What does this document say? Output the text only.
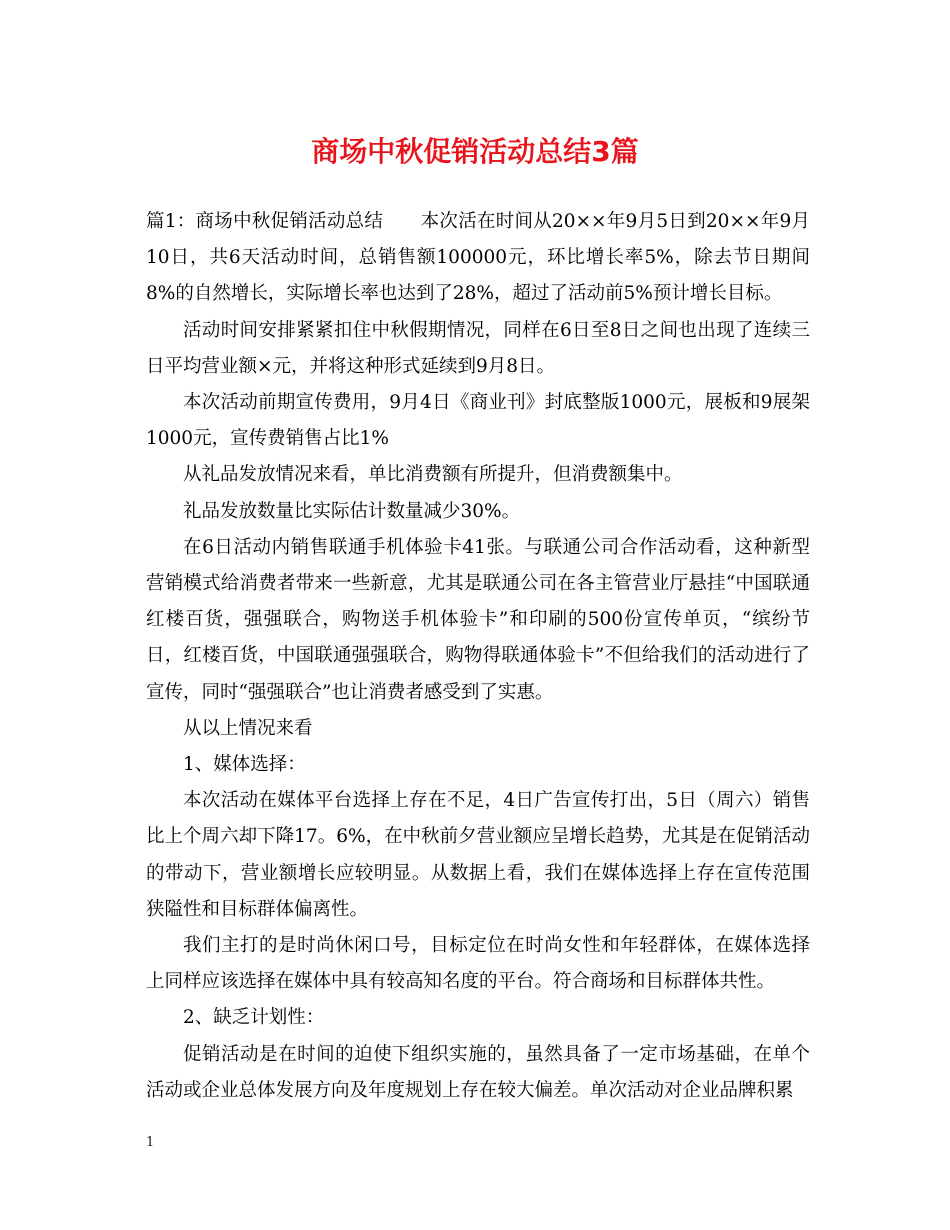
商场中秋促销活动总结3篇

篇1：商场中秋促销活动总结　　本次活在时间从20××年9月5日到20××年9月10日，共6天活动时间，总销售额100000元，环比增长率5%，除去节日期间8%的自然增长，实际增长率也达到了28%，超过了活动前5%预计增长目标。

活动时间安排紧紧扣住中秋假期情况，同样在6日至8日之间也出现了连续三日平均营业额×元，并将这种形式延续到9月8日。

本次活动前期宣传费用，9月4日《商业刊》封底整版1000元，展板和9展架1000元，宣传费销售占比1%

从礼品发放情况来看，单比消费额有所提升，但消费额集中。

礼品发放数量比实际估计数量减少30%。

在6日活动内销售联通手机体验卡41张。与联通公司合作活动看，这种新型营销模式给消费者带来一些新意，尤其是联通公司在各主管营业厅悬挂“中国联通红楼百货，强强联合，购物送手机体验卡”和印刷的500份宣传单页，“缤纷节日，红楼百货，中国联通强强联合，购物得联通体验卡”不但给我们的活动进行了宣传，同时“强强联合”也让消费者感受到了实惠。

从以上情况来看

1、媒体选择：

本次活动在媒体平台选择上存在不足，4日广告宣传打出，5日（周六）销售比上个周六却下降17。6%，在中秋前夕营业额应呈增长趋势，尤其是在促销活动的带动下，营业额增长应较明显。从数据上看，我们在媒体选择上存在宣传范围狭隘性和目标群体偏离性。

我们主打的是时尚休闲口号，目标定位在时尚女性和年轻群体，在媒体选择上同样应该选择在媒体中具有较高知名度的平台。符合商场和目标群体共性。

2、缺乏计划性：

促销活动是在时间的迫使下组织实施的，虽然具备了一定市场基础，在单个活动或企业总体发展方向及年度规划上存在较大偏差。单次活动对企业品牌积累

1
